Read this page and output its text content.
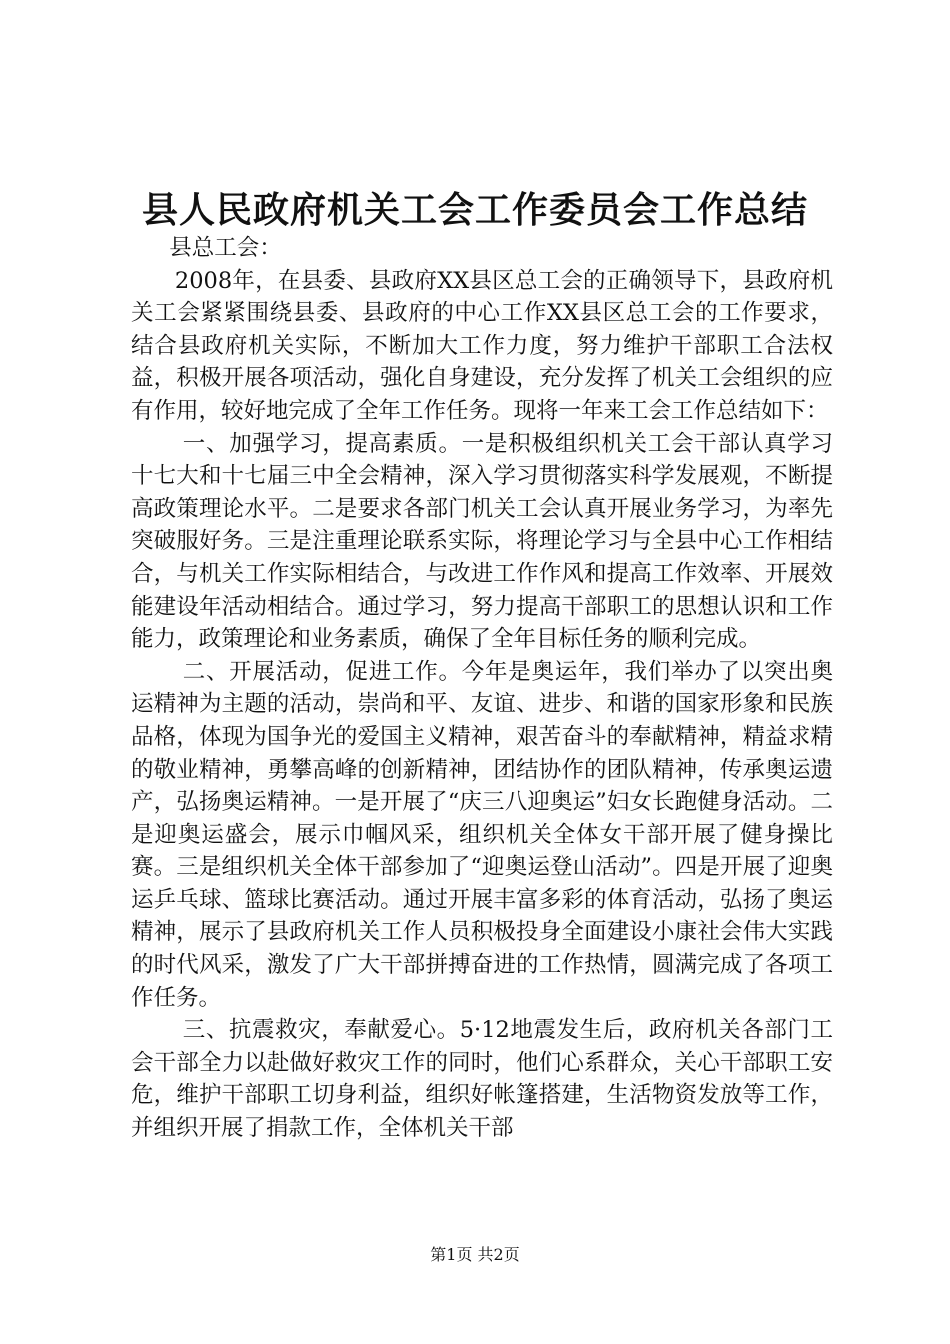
县人民政府机关工会工作委员会工作总结

县总工会：

2008年，在县委、县政府XX县区总工会的正确领导下，县政府机关工会紧紧围绕县委、县政府的中心工作XX县区总工会的工作要求，结合县政府机关实际，不断加大工作力度，努力维护干部职工合法权益，积极开展各项活动，强化自身建设，充分发挥了机关工会组织的应有作用，较好地完成了全年工作任务。现将一年来工会工作总结如下：

一、加强学习，提高素质。一是积极组织机关工会干部认真学习十七大和十七届三中全会精神，深入学习贯彻落实科学发展观，不断提高政策理论水平。二是要求各部门机关工会认真开展业务学习，为率先突破服好务。三是注重理论联系实际，将理论学习与全县中心工作相结合，与机关工作实际相结合，与改进工作作风和提高工作效率、开展效能建设年活动相结合。通过学习，努力提高干部职工的思想认识和工作能力，政策理论和业务素质，确保了全年目标任务的顺利完成。

二、开展活动，促进工作。今年是奥运年，我们举办了以突出奥运精神为主题的活动，崇尚和平、友谊、进步、和谐的国家形象和民族品格，体现为国争光的爱国主义精神，艰苦奋斗的奉献精神，精益求精的敬业精神，勇攀高峰的创新精神，团结协作的团队精神，传承奥运遗产，弘扬奥运精神。一是开展了“庆三八迎奥运”妇女长跑健身活动。二是迎奥运盛会，展示巾帼风采，组织机关全体女干部开展了健身操比赛。三是组织机关全体干部参加了“迎奥运登山活动”。四是开展了迎奥运乒乓球、篮球比赛活动。通过开展丰富多彩的体育活动，弘扬了奥运精神，展示了县政府机关工作人员积极投身全面建设小康社会伟大实践的时代风采，激发了广大干部拼搏奋进的工作热情，圆满完成了各项工作任务。

三、抗震救灾，奉献爱心。5·12地震发生后，政府机关各部门工会干部全力以赴做好救灾工作的同时，他们心系群众，关心干部职工安危，维护干部职工切身利益，组织好帐篷搭建，生活物资发放等工作，并组织开展了捐款工作，全体机关干部

第1页 共2页
